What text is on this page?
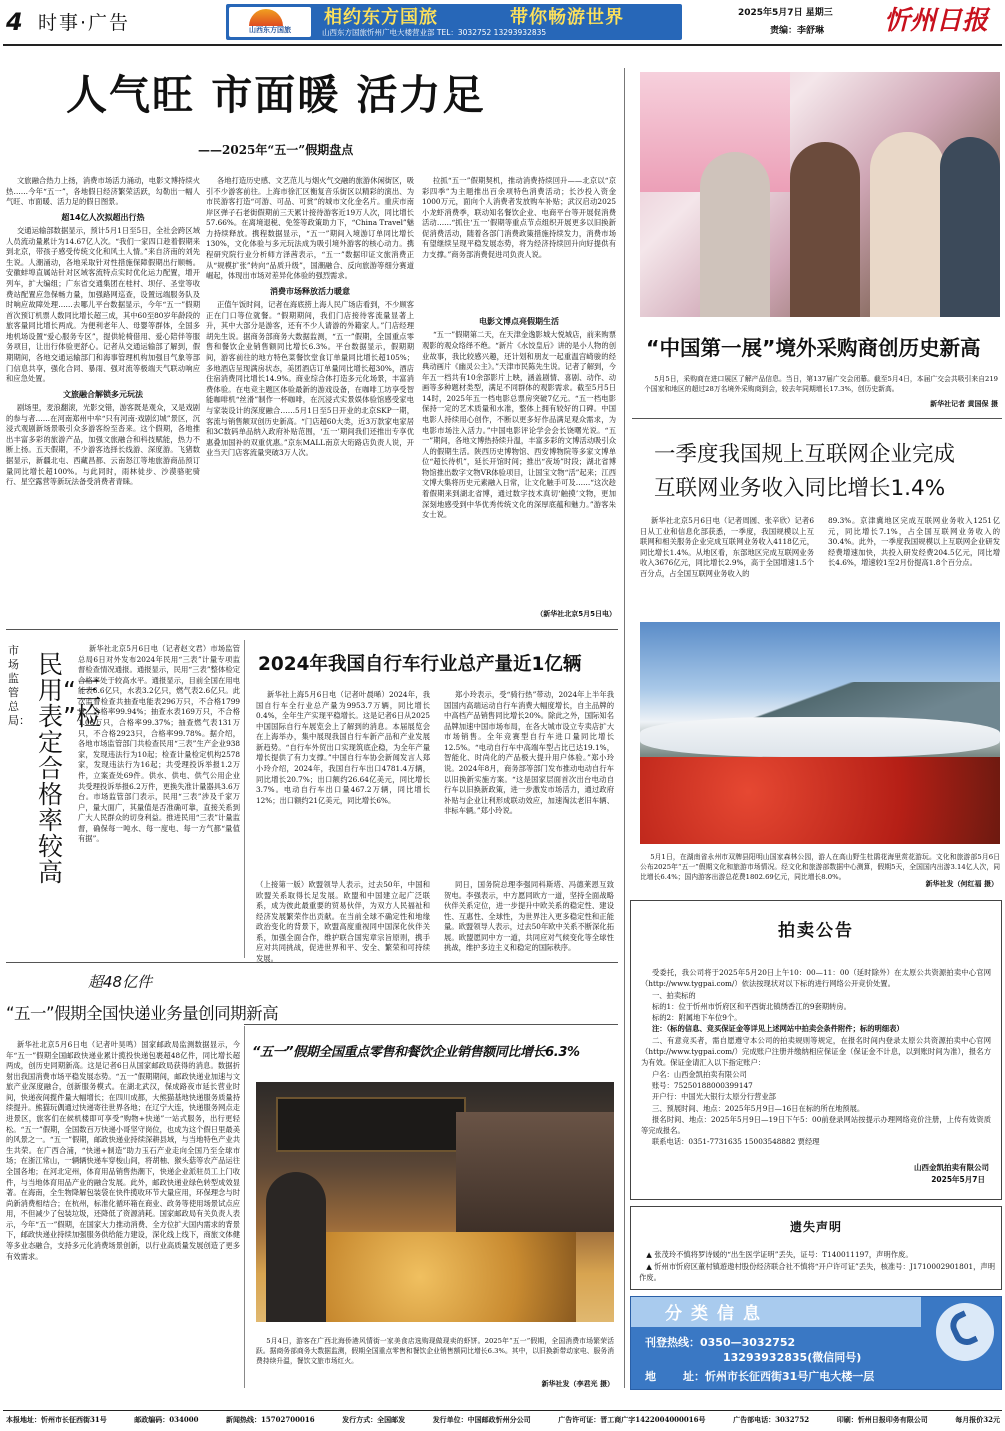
4 时事·广告	山西东方国旅
相约东方国旅	带你畅游世界
山西东方国旅忻州广电大楼营业部 TEL：3032752 13293932835
2025年5月7日 星期三
责编：李舒琳 忻州日报
人气旺 市面暖 活力足
——2025年“五一”假期盘点
文旅融合热力上扬，消费市场活力涌动，电影文博持续火热……今年“五一”，各地假日经济繁荣活跃，勾勒出一幅人气旺、市面暖、活力足的假日图景。
超14亿人次拟超出行热
交通运输部数据显示，预计5月1日至5日，全社会跨区域人员流动量累计为14.67亿人次。“我们一家四口趁着假期来到北京，带孩子感受传统文化和风土人情。”来自济南的刘先生说。人潮涌动，各地采取针对性措施保障假期出行顺畅。安徽蚌埠直属站针对区域客流特点实时优化运力配置，增开列车，扩大编组；广东省交通集团在桂村、坝仔、圣堂等收费站配置应急保畅力量，加强路网巡查，设置远端服务队及时响应故障处理……去哪儿平台数据显示，今年“五一”假期首次预订机票人数同比增长超三成，其中60至80岁年龄段的旅客量同比增长两成。为便利老年人、母婴等群体，全国多地机场设置“爱心服务专区”，提供轮椅借用、爱心陪伴等服务项目，让出行体验更舒心。记者从交通运输部了解到，假期期间，各地交通运输部门和海事管理机构加强目气象等部门信息共享，强化合同、暴雨、强对流等极端天气联动响应和应急处置。
文旅融合解锁多元玩法
剧场里，麦浪翻滚，光影交错，游客既是观众，又是戏剧的参与者……在河南郑州中牟“只有河南·戏剧幻城”景区，沉浸式观剧新场景吸引众多游客纷至沓来。这个假期，各地推出丰富多彩的旅游产品，加强文旅融合和科技赋能，热力不断上扬。五天假期，不少游客选择长线游、深度游。飞猪数据显示，新疆北屯、西藏昌都、云南怒江等地旅游商品预订量同比增长超100%。与此同时，雨林徒步、沙漠骆驼骑行、星空露营等新玩法备受消费者青睐。
各地打造历史感、文艺范儿与烟火气交融的旅游休闲街区，吸引不少游客前往。上海市徐汇区衡复音乐街区以精彩的演出、为市民游客打造“可游、可品、可赏”的城市文化金名片。重庆市南岸区弹子石老街假期前三天累计接待游客近19万人次，同比增长57.66%。在离境退税、免签等政策助力下，“China Travel”魅力持续释放。携程数据显示，“五一”期间入境游订单同比增长130%，文化体验与多元玩法成为吸引境外游客的核心动力。携程研究院行业分析师方泽茜表示，“五一”数据印证文旅消费正从“规模扩张”转向“品质升级”，国潮融合、反向旅游等细分赛道崛起，体现出市场对差异化体验的强烈需求。
消费市场释放活力暖意
正值午饭时间，记者在海底捞上海人民广场店看到，不少顾客正在门口等位就餐。“假期期间，我们门店接待客流量显著上升，其中大部分是游客，还有不少人请游的外籍家人。”门店经理胡先生说。据商务部商务大数据监测，“五一”假期，全国重点零售和餐饮企业销售额同比增长6.3%。平台数据显示，假期期间，游客前往的地方特色菜餐饮堂食订单量同比增长超105%；多地酒店呈现满房状态，美团酒店订单量同比增长超30%，酒店住宿消费同比增长14.9%。商业综合体打造多元化场景，丰富消费体验。在电竞主题区体验最新的游戏设备，在咖啡工坊享受智能咖啡机“丝滑”制作一杯咖啡，在沉浸式实景娱体验馆感受家电与家装设计的深度融合……5月1日至5日开业的北京SKP一期，客流与销售额双创历史新高。“门店超60大类，近3万款家电家居和3C数码单品纳入政府补贴范围，‘五一’期间我们还推出专享优惠叠加国补的双重优惠。”京东MALL南京大珩路店负责人说，开业当天门店客流量突破3万人次。
拉抓“五一”假期契机，推动消费持续回升——北京以“京彩四季”为主题推出百余项特色消费活动；长沙投入资金1000万元，面向个人消费者发放购车补贴；武汉启动2025小龙虾消费季，联动知名餐饮企业、电商平台等开展促消费活动……“抓住‘五一’假期等重点节点组织开展更多以旧换新促消费活动，随着各部门消费政策措施持续发力，消费市场有望继续呈现平稳发展态势，将为经济持续回升向好提供有力支撑。”商务部消费促进司负责人说。
电影文博点亮假期生活
“五一”假期第二天，在天津金逸影城大悦城店，前来购票观影的观众络绎不绝。“新片《水饺皇后》讲的是小人物的创业故事，我比较感兴趣，还计划和朋友一起重温宫崎骏的经典动画片《幽灵公主》。”天津市民陈先生说。记者了解到，今年五一档共有10余部影片上映，涵盖剧情、喜剧、动作、动画等多种题材类型，满足不同群体的观影需求。截至5月5日14时，2025年五一档电影总票房突破7亿元。“五一档电影保持一定的艺术质量和水准，整体上拥有较好的口碑。中国电影人持续用心创作，不断以更多好作品满足观众需求，为电影市场注入活力。”中国电影评论学会会长饶曙光说。“五一”期间，各地文博热持续升温，丰富多彩的文博活动吸引众人的假期生活。陕西历史博物馆、西安博物院等多家文博单位“超长待机”，延长开馆时间；推出“夜场”时段；湖北省博物馆推出数字文物VR体验项目，让国宝文物“活”起来；江西文博大集将历史元素融入日常，让文化触手可及……“这次趁着假期来到湖北省博，通过数字技术真切‘触摸’文物，更加深刻地感受到中华优秀传统文化的深厚底蕴和魅力。”游客朱女士说。
（新华社北京5月5日电）
“中国第一展”境外采购商创历史新高
5月5日，采购商在进口展区了解产品信息。当日，第137届广交会闭幕。截至5月4日，本届广交会共吸引来自219个国家和地区的超过28万名境外采购商到会，较去年同期增长17.3%，创历史新高。
新华社记者 黄国保 摄
一季度我国规上互联网企业完成
互联网业务收入同比增长1.4%
新华社北京5月6日电（记者周圆、张辛欣）记者6日从工业和信息化部获悉，一季度，我国规模以上互联网和相关服务企业完成互联网业务收入4118亿元，同比增长1.4%。从地区看，东部地区完成互联网业务收入3676亿元，同比增长2.9%，高于全国增速1.5个百分点，占全国互联网业务收入的
89.3%。京津冀地区完成互联网业务收入1251亿元，同比增长7.1%，占全国互联网业务收入的30.4%。此外，一季度我国规模以上互联网企业研发经费增速加快，共投入研发经费204.5亿元，同比增长4.6%，增速较1至2月份提高1.8个百分点。
5月1日，在湖南省永州市双牌县阳明山国家森林公园，游人在高山野生杜鹃花海里赏花游玩。文化和旅游部5月6日公布2025年“五一”假期文化和旅游市场情况。经文化和旅游部数据中心测算，假期5天，全国国内出游3.14亿人次，同比增长6.4%；国内游客出游总花费1802.69亿元，同比增长8.0%。
新华社发（何红福 摄）
拍卖公告
受委托，我公司将于2025年5月20日上午10：00—11：00（延时除外）在太原公共资源拍卖中心官网（http://www.tygpai.com/）依法按现状对以下标的进行网络公开竞价处置。
一、拍卖标的
标的1：位于忻州市忻府区和平西街北镇绣香江的9套期转房。
标的2：附属地下车位9个。
注：（标的信息、竞买保证金等详见上述网站中拍卖会条件附件；标的明细表）
二、有意竞买者，需自愿遵守本公司的拍卖规则等规定，在报名时间内登录太原公共资源拍卖中心官网（http://www.tygpai.com/）完成账户注册并缴纳相应保证金（保证金不计息，以到账时间为准），报名方为有效。保证金请汇入以下指定账户：
户名：山西金凯拍卖有限公司
账号：75250188000399147
开户行：中国光大银行太原分行营业部
三、预展时间、地点：2025年5月9日—16日在标的所在地预展。
报名时间、地点：2025年5月9日—19日下午5：00前登录网站按提示办理网络竞价注册，上传有效资质等完成报名。
联系电话：0351-7731635 15003548882 贾经理
山西金凯拍卖有限公司
2025年5月7日
遗失声明
▲ 张茂玲不慎将罗诗媛的“出生医学证明”丢失，证号：T140011197，声明作废。
▲ 忻州市忻府区董村镇遊遨村股份经济联合社不慎将“开户许可证”丢失，核准号：J1710002901801，声明作废。
分类信息
刊登热线：0350—3032752
13293932835(微信同号)
地 址：忻州市长征西街31号广电大楼一层
市场监管总局：
民用“三表”检定合格率较高
新华社北京5月6日电（记者赵文君）市场监管总局6日对外发布2024年民用“三表”计量专项监督检查情况通报。通报显示，民用“三表”整体检定合格率处于较高水平。通报显示，目前全国在用电能表6.6亿只，水表3.2亿只，燃气表2.6亿只。此次监督检查共抽查电能表296万只，不合格1799只，合格率99.94%；抽查水表169万只，不合格1.06万只，合格率99.37%；抽查燃气表131万只，不合格2923只，合格率99.78%。据介绍，各地市场监管部门共检查民用“三表”生产企业938家，发现违法行为10起；检查计量检定机构2578家，发现违法行为16起；共受理投诉举报1.2万件，立案查处69件。供水、供电、供气公用企业共受理投诉举报6.2万件，更换失准计量器具3.6万台。市场监管部门表示，民用“三表”涉及千家万户，量大面广，其量值是否准确可靠，直接关系到广大人民群众的切身利益。推进民用“三表”计量监督，确保每一吨水、每一度电、每一方气都“量值有据”。
2024年我国自行车行业总产量近1亿辆
新华社上海5月6日电（记者叶晨晞）2024年，我国自行车全行业总产量为9953.7万辆，同比增长0.4%，全年生产实现平稳增长。这是记者6日从2025中国国际自行车展览会上了解到的消息。本届展览会在上海举办，集中展现我国自行车新产品和产业发展新趋势。“自行车外贸出口实现筑底企稳，为全年产量增长提供了有力支撑。”中国自行车协会新闻发言人郑小玲介绍，2024年，我国自行车出口4781.4万辆，同比增长20.7%；出口额约26.64亿美元，同比增长3.7%。电动自行车出口量467.2万辆，同比增长12%；出口额约21亿美元，同比增长6%。
郑小玲表示，受“骑行热”带动，2024年上半年我国国内高端运动自行车消费大幅度增长，自主品牌的中高档产品销售同比增长20%。除此之外，国际知名品牌加速中国市场布局，在各大城市设立专卖店扩大市场销售。全年竞赛型自行车进口量同比增长12.5%。“电动自行车中高端车型占比已达19.1%，智能化、时尚化的产品极大提升用户体验。”郑小玲说。2024年8月，商务部等部门发布推动电动自行车以旧换新实施方案。“这是国家层面首次出台电动自行车以旧换新政策，进一步激发市场活力，通过政府补贴与企业让利形成联动效应，加速淘汰老旧车辆、非标车辆。”郑小玲说。
（上接第一版）欧盟领导人表示，过去50年，中国和欧盟关系取得长足发展。欧盟和中国建立起广泛联系，成为彼此最重要的贸易伙伴，为双方人民福祉和经济发展繁荣作出贡献。在当前全球不确定性和地缘政治变化的背景下，欧盟高度重视同中国深化伙伴关系，加强全面合作，维护联合国宪章宗旨原则，携手应对共同挑战，促进世界和平、安全、繁荣和可持续发展。
同日，国务院总理李强同科斯塔、冯德莱恩互致贺电。李强表示，中方愿同欧方一道，坚持全面战略伙伴关系定位，进一步提升中欧关系的稳定性、建设性、互惠性、全球性，为世界注入更多稳定性和正能量。欧盟领导人表示，过去50年欧中关系不断深化拓展。欧盟愿同中方一道，共同应对气候变化等全球性挑战，维护多边主义和稳定的国际秩序。
超48亿件
“五一”假期全国快递业务量创同期新高
新华社北京5月6日电（记者叶昊鸣）国家邮政局监测数据显示，今年“五一”假期全国邮政快递业累计揽投快递包裹超48亿件，同比增长超两成，创历史同期新高。这是记者6日从国家邮政局获得的消息。数据折射出我国消费市场平稳发展态势。“五一”假期期间，邮政快递业加速与文旅产业深度融合，创新服务模式。在湖北武汉，保成路夜市延长营业时间，快递夜间揽件量大幅增长；在四川成都，大熊猫基地快递服务质量持续提升。熊猫玩偶通过快递寄往世界各地；在辽宁大连，快递服务网点走进景区，旅客们在候机楼即可享受“购物+快递”一站式服务，出行更轻松。“五一”假期，全国数百万快递小哥坚守岗位，也成为这个假日里最美的风景之一。“五一”假期，邮政快递业持续深耕县域，与当地特色产业共生共荣。在广西合浦，“快递+制造”助力玉石产业走向全国乃至全球市场；在浙江常山，一辆辆快递车穿梭山间，将胡柚、猴头菇等农产品运往全国各地；在河北定州，体育用品销售热潮下，快递企业派驻员工上门收件，与当地体育用品产业的融合发展。此外，邮政快递业绿色转型成效显著。在海南，全生物降解包装袋在快件揽收环节大量应用，环保理念与时尚新消费相结合；在杭州，标准化循环箱在商业、政务等使用场景试点应用，不但减少了包装垃圾，还降低了资源消耗。国家邮政局有关负责人表示，今年“五一”假期，在国家大力推动消费、全方位扩大国内需求的背景下，邮政快递业持续加强服务供给能力建设，深化线上线下，商旅文体健等多业态融合，支持多元化消费场景创新，以行业高质量发展创造了更多有效需求。
“五一”假期全国重点零售和餐饮企业销售额同比增长6.3%
5月4日，游客在广西北海侨港风情街一家美食店选购现做现卖的虾饼。2025年“五一”假期，全国消费市场繁荣活跃。据商务部商务大数据监测，假期全国重点零售和餐饮企业销售额同比增长6.3%。其中，以旧换新带动家电、服务消费持续升温，餐饮文旅市场红火。
新华社发（李君光 摄）
本报地址：忻州市长征西街31号	邮政编码：034000	新闻热线：15702700016	发行方式：全国邮发	发行单位：中国邮政忻州分公司	广告许可证：晋工商广字1422004000016号	广告部电话：3032752	印刷：忻州日报印务有限公司	每月报价32元
